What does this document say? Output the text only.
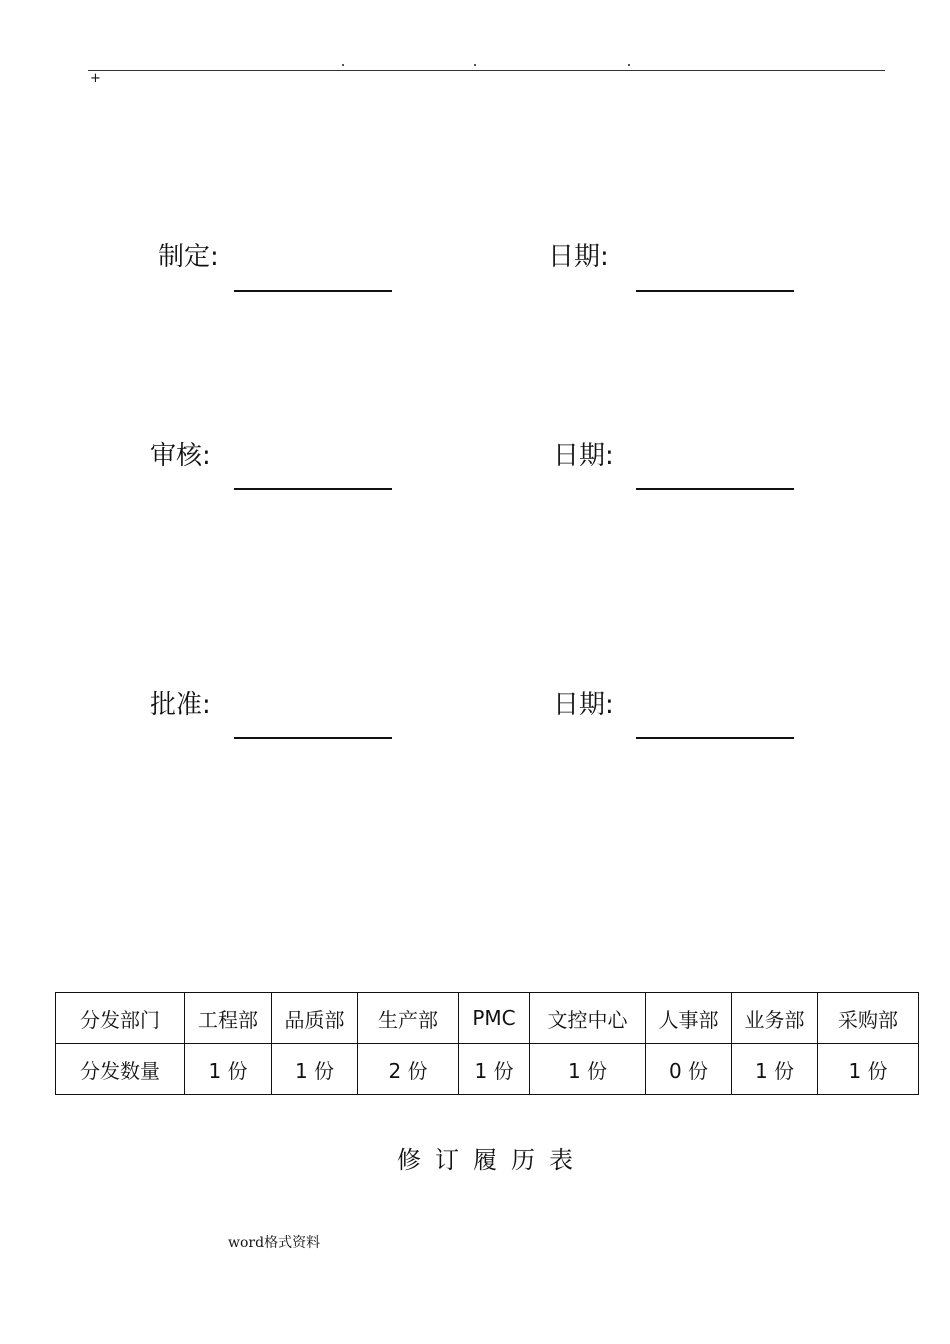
+
制定:	日期:
审核:	日期:
批准:	日期:
分发部门	工程部	品质部	生产部	PMC	文控中心	人事部	业务部	采购部
分发数量	1 份	1 份	2 份	1 份	1 份	0 份	1 份	1 份
修订履历表
word格式资料
